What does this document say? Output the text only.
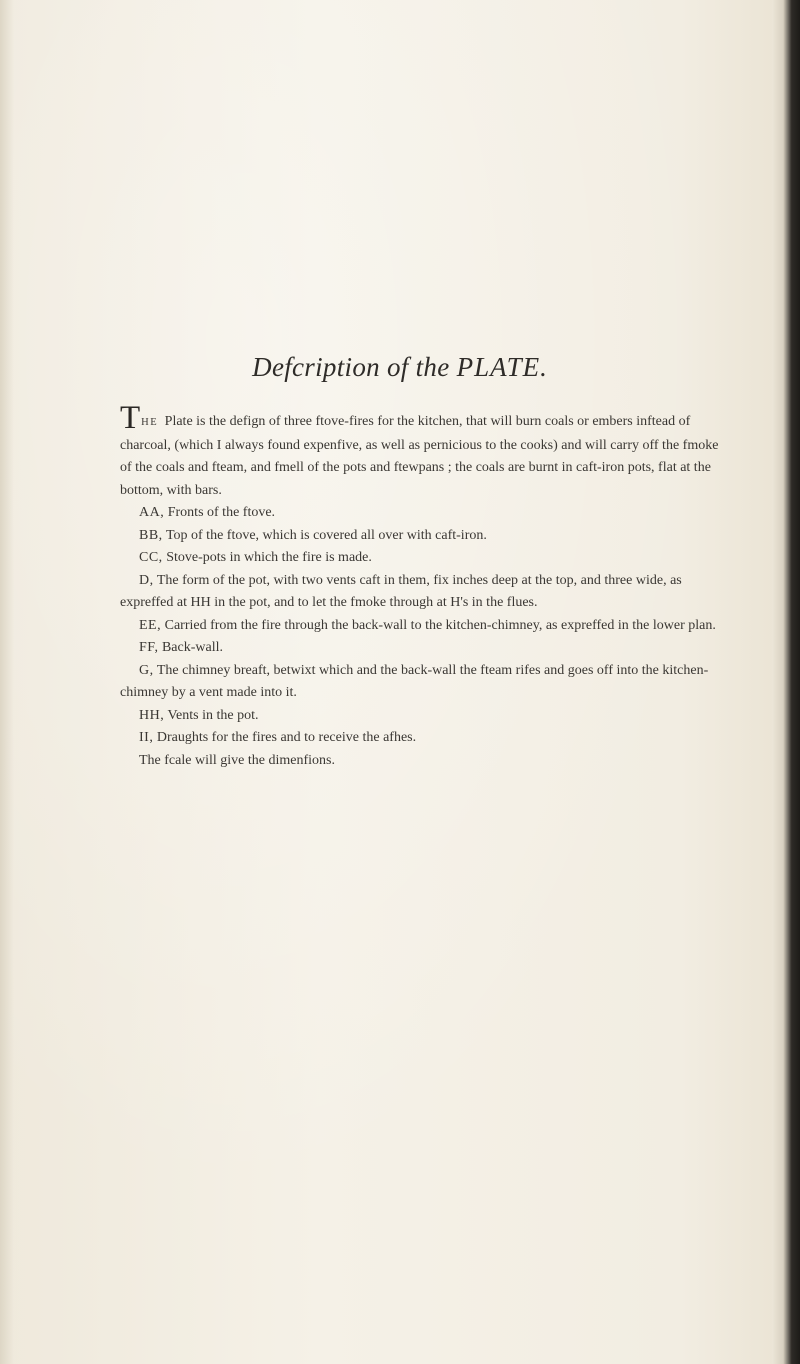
Defcription of the PLATE.

THE Plate is the defign of three ftove-fires for the kitchen, that will burn coals or embers inftead of charcoal, (which I always found expenfive, as well as pernicious to the cooks) and will carry off the fmoke of the coals and fteam, and fmell of the pots and ftewpans ; the coals are burnt in caft-iron pots, flat at the bottom, with bars.

AA, Fronts of the ftove.
BB, Top of the ftove, which is covered all over with caft-iron.
CC, Stove-pots in which the fire is made.
D, The form of the pot, with two vents caft in them, fix inches deep at the top, and three wide, as expreffed at HH in the pot, and to let the fmoke through at H's in the flues.
EE, Carried from the fire through the back-wall to the kitchen-chimney, as expreffed in the lower plan.
FF, Back-wall.
G, The chimney breaft, betwixt which and the back-wall the fteam rifes and goes off into the kitchen-chimney by a vent made into it.
HH, Vents in the pot.
II, Draughts for the fires and to receive the afhes.

The fcale will give the dimenfions.
